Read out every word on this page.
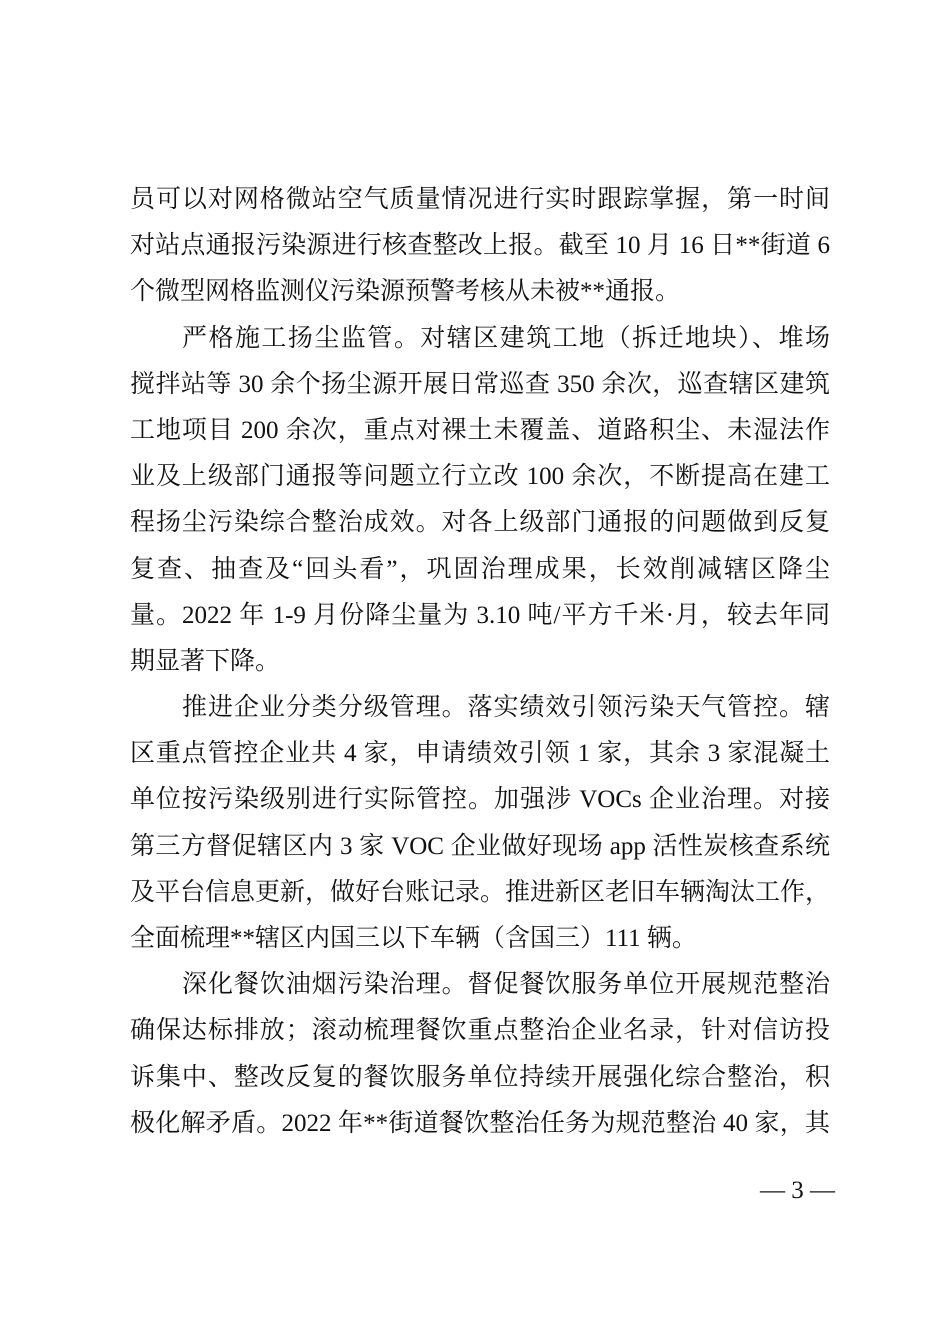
员可以对网格微站空气质量情况进行实时跟踪掌握，第一时间
对站点通报污染源进行核查整改上报。截至 10 月 16 日**街道 6
个微型网格监测仪污染源预警考核从未被**通报。
严格施工扬尘监管。对辖区建筑工地（拆迁地块）、堆场
搅拌站等 30 余个扬尘源开展日常巡查 350 余次，巡查辖区建筑
工地项目 200 余次，重点对裸土未覆盖、道路积尘、未湿法作
业及上级部门通报等问题立行立改 100 余次，不断提高在建工
程扬尘污染综合整治成效。对各上级部门通报的问题做到反复
复查、抽查及“回头看”，巩固治理成果，长效削减辖区降尘
量。2022 年 1-9 月份降尘量为 3.10 吨/平方千米·月，较去年同
期显著下降。
推进企业分类分级管理。落实绩效引领污染天气管控。辖
区重点管控企业共 4 家，申请绩效引领 1 家，其余 3 家混凝土
单位按污染级别进行实际管控。加强涉 VOCs 企业治理。对接
第三方督促辖区内 3 家 VOC 企业做好现场 app 活性炭核查系统
及平台信息更新，做好台账记录。推进新区老旧车辆淘汰工作，
全面梳理**辖区内国三以下车辆（含国三）111 辆。
深化餐饮油烟污染治理。督促餐饮服务单位开展规范整治
确保达标排放；滚动梳理餐饮重点整治企业名录，针对信访投
诉集中、整改反复的餐饮服务单位持续开展强化综合整治，积
极化解矛盾。2022 年**街道餐饮整治任务为规范整治 40 家，其
— 3 —
